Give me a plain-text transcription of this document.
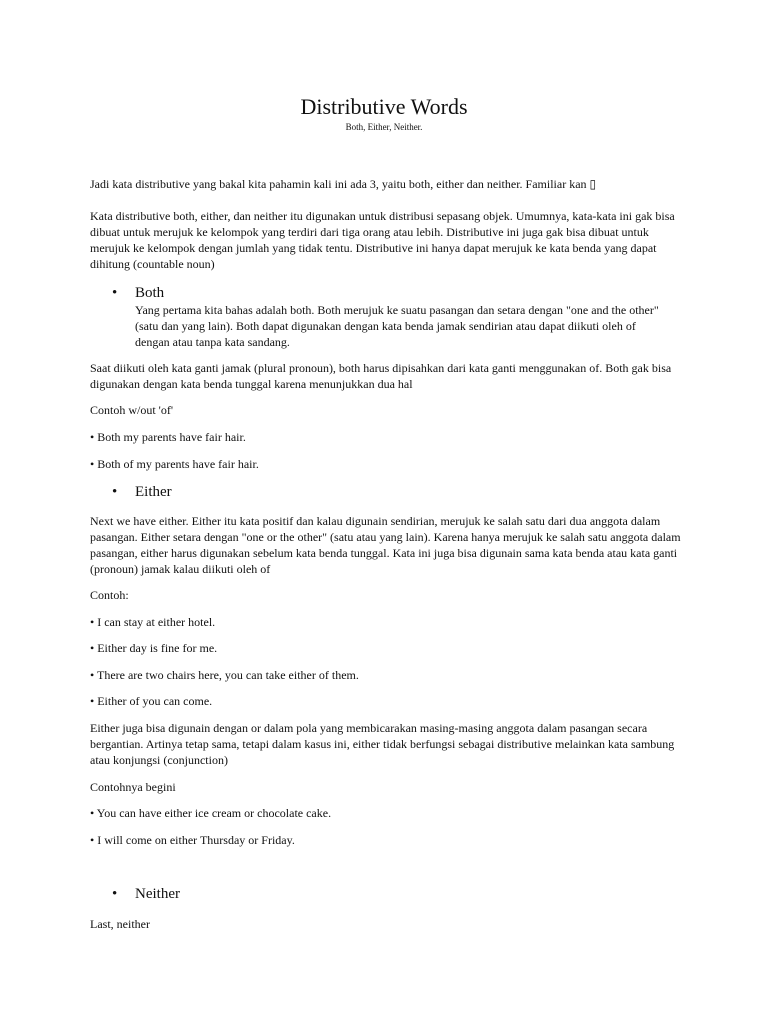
Distributive Words

Both, Either, Neither.

Jadi kata distributive yang bakal kita pahamin kali ini ada 3, yaitu both, either dan neither. Familiar kan ▯

Kata distributive both, either, dan neither itu digunakan untuk distribusi sepasang objek. Umumnya, kata-kata ini gak bisa dibuat untuk merujuk ke kelompok yang terdiri dari tiga orang atau lebih. Distributive ini juga gak bisa dibuat untuk merujuk ke kelompok dengan jumlah yang tidak tentu. Distributive ini hanya dapat merujuk ke kata benda yang dapat dihitung (countable noun)

• Both

Yang pertama kita bahas adalah both. Both merujuk ke suatu pasangan dan setara dengan "one and the other" (satu dan yang lain). Both dapat digunakan dengan kata benda jamak sendirian atau dapat diikuti oleh of dengan atau tanpa kata sandang.

Saat diikuti oleh kata ganti jamak (plural pronoun), both harus dipisahkan dari kata ganti menggunakan of. Both gak bisa digunakan dengan kata benda tunggal karena menunjukkan dua hal

Contoh w/out 'of'

• Both my parents have fair hair.

• Both of my parents have fair hair.

• Either

Next we have either. Either itu kata positif dan kalau digunain sendirian, merujuk ke salah satu dari dua anggota dalam pasangan. Either setara dengan "one or the other" (satu atau yang lain). Karena hanya merujuk ke salah satu anggota dalam pasangan, either harus digunakan sebelum kata benda tunggal. Kata ini juga bisa digunain sama kata benda atau kata ganti (pronoun) jamak kalau diikuti oleh of

Contoh:

• I can stay at either hotel.

• Either day is fine for me.

• There are two chairs here, you can take either of them.

• Either of you can come.

Either juga bisa digunain dengan or dalam pola yang membicarakan masing-masing anggota dalam pasangan secara bergantian. Artinya tetap sama, tetapi dalam kasus ini, either tidak berfungsi sebagai distributive melainkan kata sambung atau konjungsi (conjunction)

Contohnya begini

• You can have either ice cream or chocolate cake.

• I will come on either Thursday or Friday.

• Neither

Last, neither
